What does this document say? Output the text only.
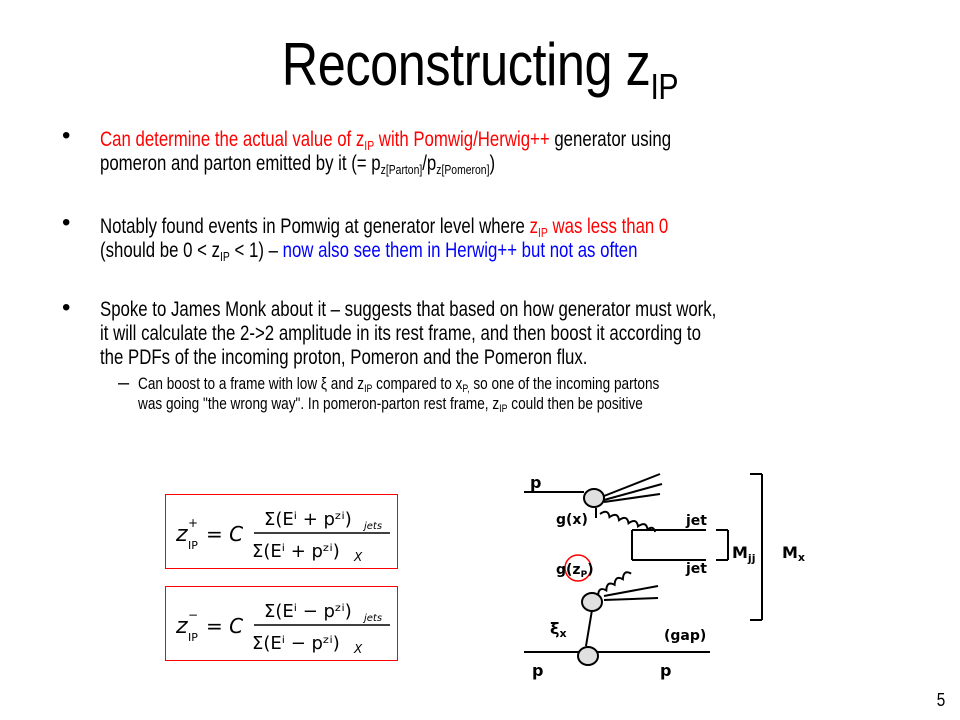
Reconstructing $z_{IP}$
• Can determine the actual value of $z_{IP}$ with Pomwig/Herwig++ generator using
pomeron and parton emitted by it (= $p_{z[Parton]}/p_{z[Pomeron]}$)
• Notably found events in Pomwig at generator level where $z_{IP}$ was less than 0
(should be $0 < z_{IP} < 1$) – now also see them in Herwig++ but not as often
• Spoke to James Monk about it – suggests that based on how generator must work,
it will calculate the 2->2 amplitude in its rest frame, and then boost it according to
the PDFs of the incoming proton, Pomeron and the Pomeron flux.
– Can boost to a frame with low ξ and $z_{IP}$ compared to $x_{P,}$ so one of the incoming partons
was going "the wrong way". In pomeron-parton rest frame, $z_{IP}$ could then be positive
z +
IP = C
Σ(Eⁱ + pᶻⁱ) jets
Σ(Eⁱ + pᶻⁱ) X
z −
IP = C
Σ(Eⁱ − pᶻⁱ) jets
Σ(Eⁱ − pᶻⁱ) X
p
g(x)	jet
jet
$g(z_P)$
ξx	(gap)
p	p
$M_{jj}$ Mx
5
